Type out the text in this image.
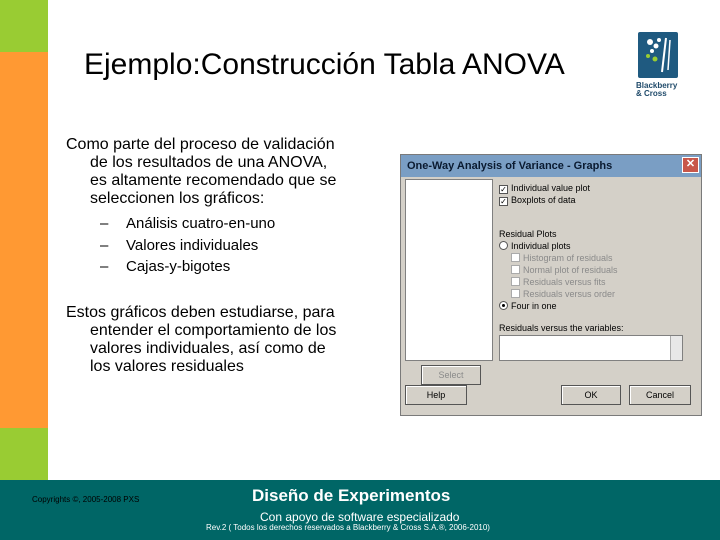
Ejemplo:Construcción Tabla ANOVA
Blackberry
& Cross
Como parte del proceso de validación
de los resultados de una ANOVA,
es altamente recomendado que se
seleccionen los gráficos:
– Análisis cuatro-en-uno
– Valores individuales
– Cajas-y-bigotes
Estos gráficos deben estudiarse, para
entender el comportamiento de los
valores individuales, así como de
los valores residuales
One-Way Analysis of Variance - Graphs	✕
✓ Individual value plot
✓ Boxplots of data
Residual Plots
Individual plots
Histogram of residuals
Normal plot of residuals
Residuals versus fits
Residuals versus order
Four in one
Residuals versus the variables:
Select
Help	OK	Cancel
Copyrights ©, 2005-2008 PXS	Diseño de Experimentos
Con apoyo de software especializado
Rev.2 ( Todos los derechos reservados a Blackberry & Cross S.A.®, 2006-2010)
